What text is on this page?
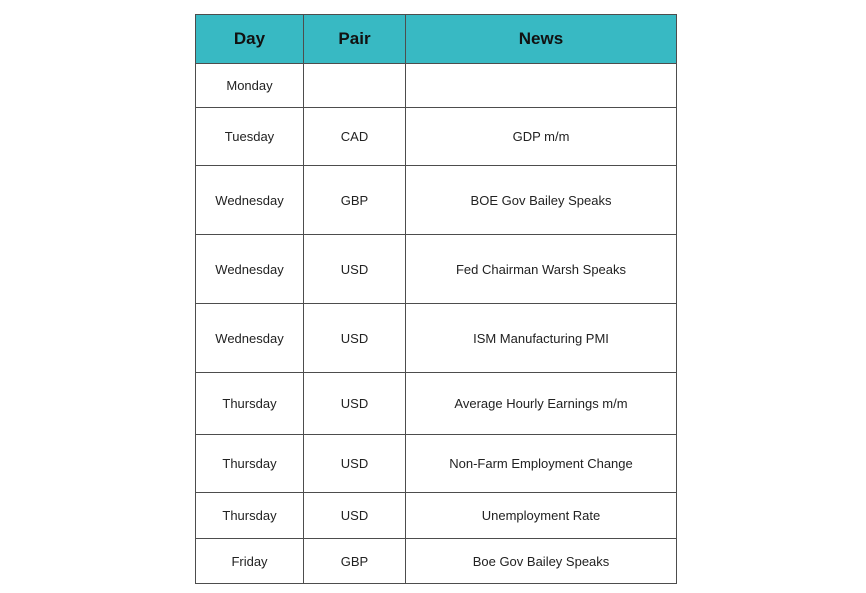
Day	Pair	News
Monday		
Tuesday	CAD	GDP m/m
Wednesday	GBP	BOE Gov Bailey Speaks
Wednesday	USD	Fed Chairman Warsh Speaks
Wednesday	USD	ISM Manufacturing PMI
Thursday	USD	Average Hourly Earnings m/m
Thursday	USD	Non-Farm Employment Change
Thursday	USD	Unemployment Rate
Friday	GBP	Boe Gov Bailey Speaks
